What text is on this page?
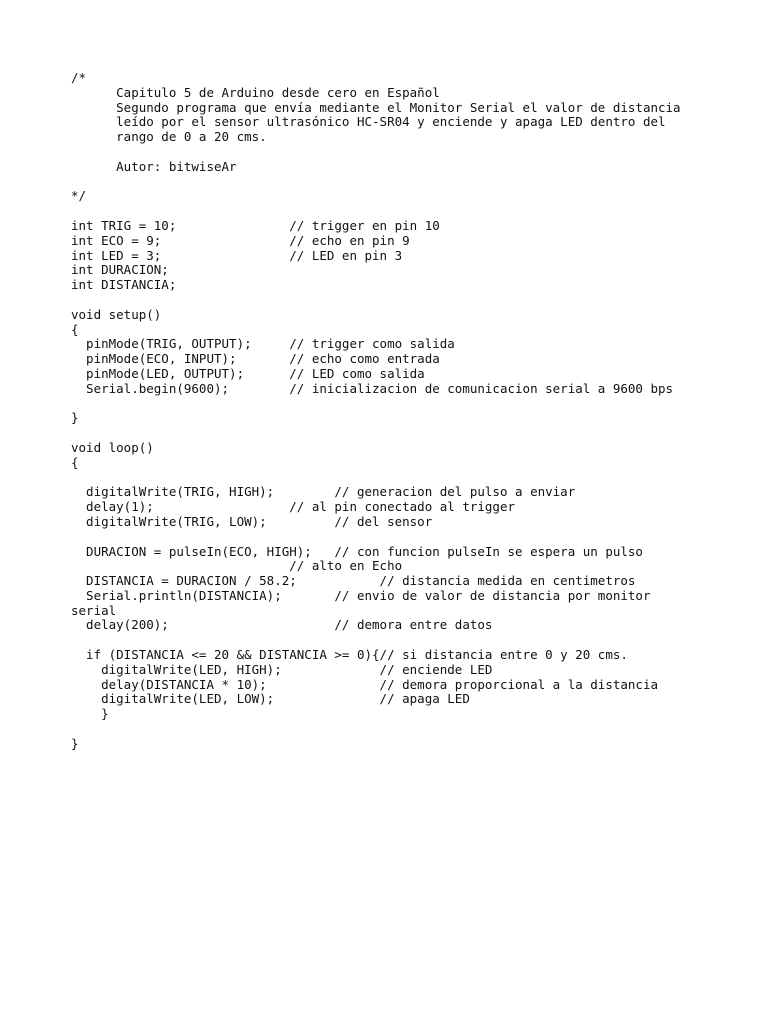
/*
Capitulo 5 de Arduino desde cero en Español
Segundo programa que envía mediante el Monitor Serial el valor de distancia
leído por el sensor ultrasónico HC-SR04 y enciende y apaga LED dentro del
rango de 0 a 20 cms.

Autor: bitwiseAr

*/

int TRIG = 10;               // trigger en pin 10
int ECO = 9;                 // echo en pin 9
int LED = 3;                 // LED en pin 3
int DURACION;
int DISTANCIA;

void setup()
{
pinMode(TRIG, OUTPUT);     // trigger como salida
pinMode(ECO, INPUT);       // echo como entrada
pinMode(LED, OUTPUT);      // LED como salida
Serial.begin(9600);        // inicializacion de comunicacion serial a 9600 bps

}

void loop()
{

digitalWrite(TRIG, HIGH);        // generacion del pulso a enviar
delay(1);                  // al pin conectado al trigger
digitalWrite(TRIG, LOW);         // del sensor

DURACION = pulseIn(ECO, HIGH);   // con funcion pulseIn se espera un pulso
// alto en Echo
DISTANCIA = DURACION / 58.2;           // distancia medida en centimetros
Serial.println(DISTANCIA);       // envio de valor de distancia por monitor
serial
delay(200);                      // demora entre datos

if (DISTANCIA <= 20 && DISTANCIA >= 0){// si distancia entre 0 y 20 cms.
digitalWrite(LED, HIGH);             // enciende LED
delay(DISTANCIA * 10);               // demora proporcional a la distancia
digitalWrite(LED, LOW);              // apaga LED
}

}
